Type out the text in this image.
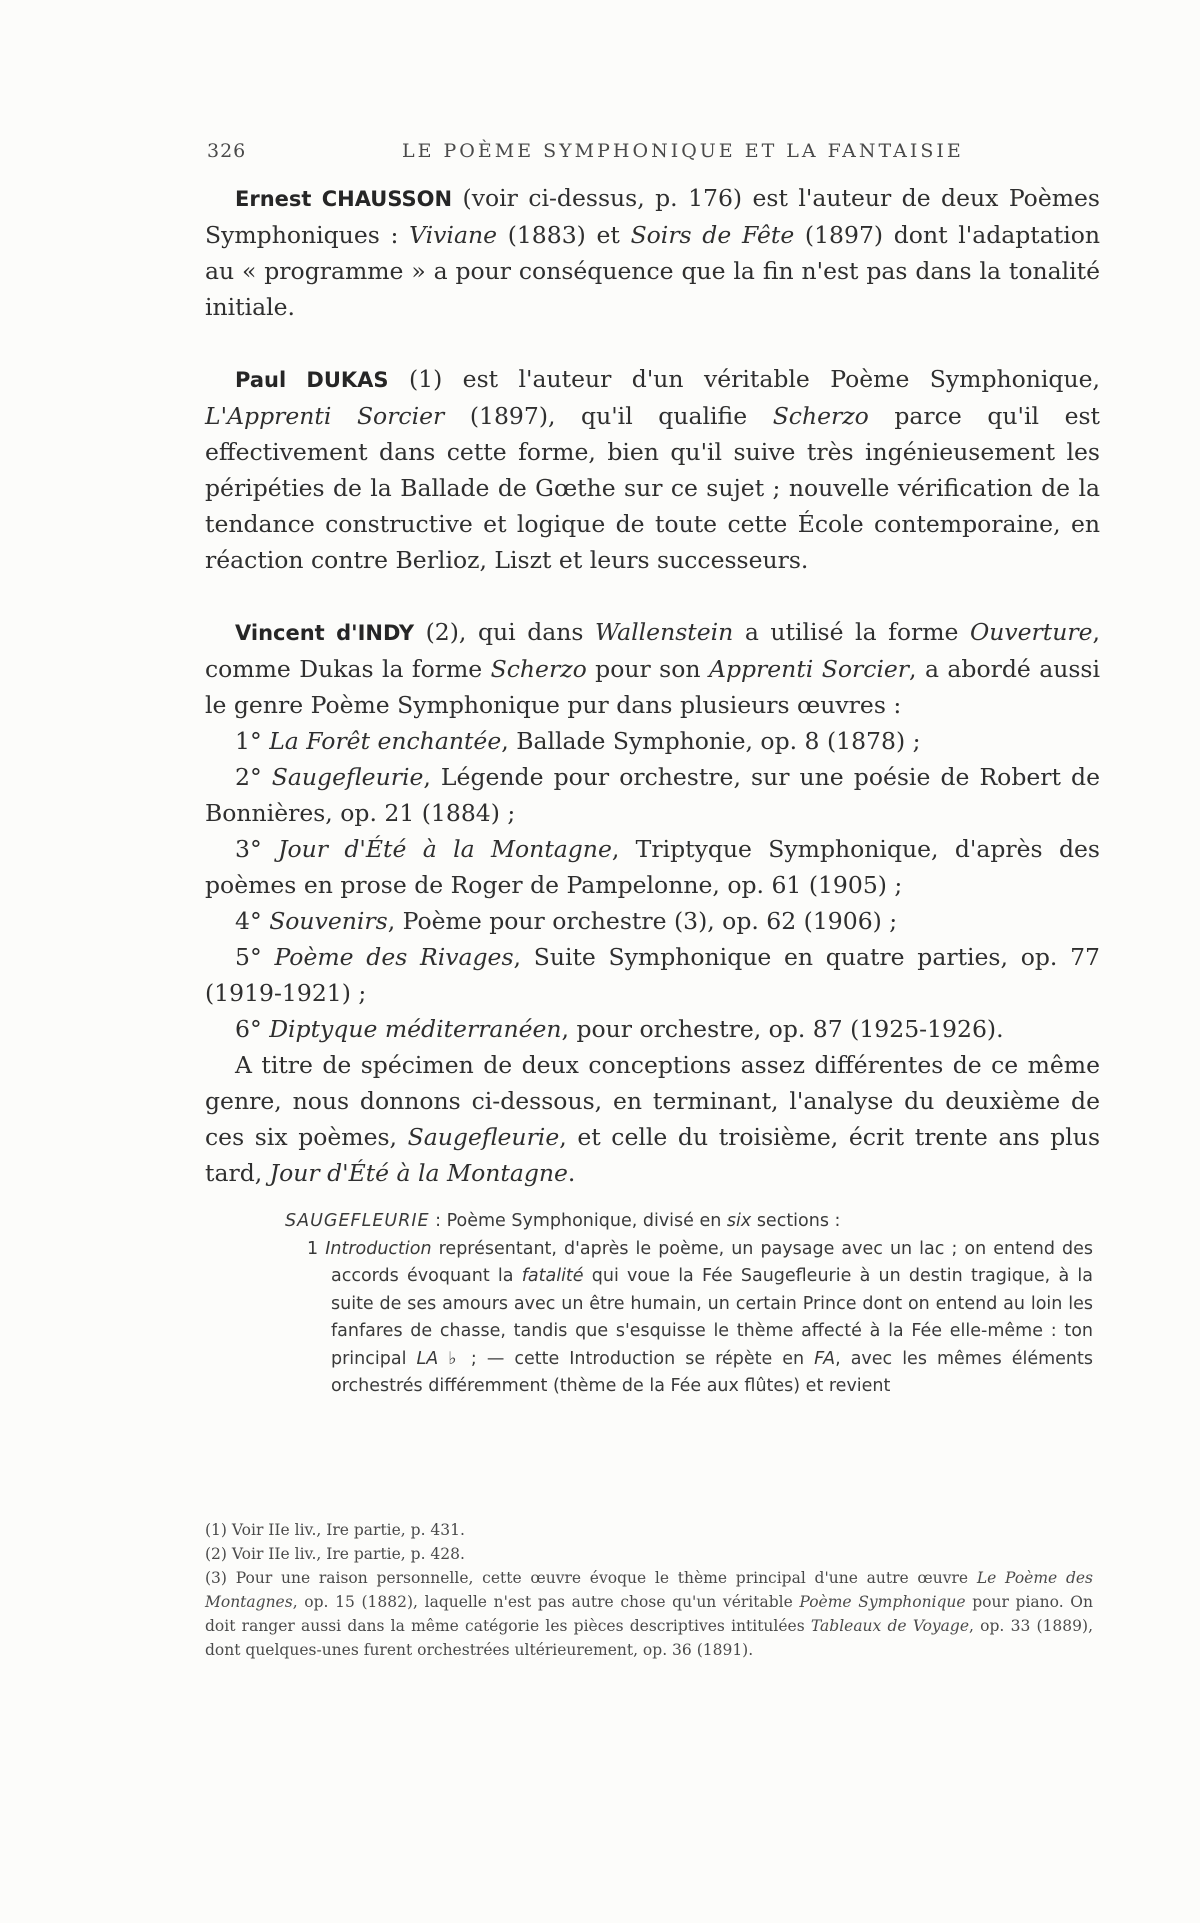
326	LE POÈME SYMPHONIQUE ET LA FANTAISIE

Ernest CHAUSSON (voir ci-dessus, p. 176) est l'auteur de deux Poèmes Symphoniques : Viviane (1883) et Soirs de Fête (1897) dont l'adaptation au « programme » a pour conséquence que la fin n'est pas dans la tonalité initiale.

Paul DUKAS (1) est l'auteur d'un véritable Poème Symphonique, L'Apprenti Sorcier (1897), qu'il qualifie Scherzo parce qu'il est effectivement dans cette forme, bien qu'il suive très ingénieusement les péripéties de la Ballade de Gœthe sur ce sujet ; nouvelle vérification de la tendance constructive et logique de toute cette École contemporaine, en réaction contre Berlioz, Liszt et leurs successeurs.

Vincent d'INDY (2), qui dans Wallenstein a utilisé la forme Ouverture, comme Dukas la forme Scherzo pour son Apprenti Sorcier, a abordé aussi le genre Poème Symphonique pur dans plusieurs œuvres :

1° La Forêt enchantée, Ballade Symphonie, op. 8 (1878) ;

2° Saugefleurie, Légende pour orchestre, sur une poésie de Robert de Bonnières, op. 21 (1884) ;

3° Jour d'Été à la Montagne, Triptyque Symphonique, d'après des poèmes en prose de Roger de Pampelonne, op. 61 (1905) ;

4° Souvenirs, Poème pour orchestre (3), op. 62 (1906) ;

5° Poème des Rivages, Suite Symphonique en quatre parties, op. 77 (1919-1921) ;

6° Diptyque méditerranéen, pour orchestre, op. 87 (1925-1926).

A titre de spécimen de deux conceptions assez différentes de ce même genre, nous donnons ci-dessous, en terminant, l'analyse du deuxième de ces six poèmes, Saugefleurie, et celle du troisième, écrit trente ans plus tard, Jour d'Été à la Montagne.

SAUGEFLEURIE : Poème Symphonique, divisé en six sections :

1 Introduction représentant, d'après le poème, un paysage avec un lac ; on entend des accords évoquant la fatalité qui voue la Fée Saugefleurie à un destin tragique, à la suite de ses amours avec un être humain, un certain Prince dont on entend au loin les fanfares de chasse, tandis que s'esquisse le thème affecté à la Fée elle-même : ton principal LA ♭ ; — cette Introduction se répète en FA, avec les mêmes éléments orchestrés différemment (thème de la Fée aux flûtes) et revient

(1) Voir IIe liv., Ire partie, p. 431.

(2) Voir IIe liv., Ire partie, p. 428.

(3) Pour une raison personnelle, cette œuvre évoque le thème principal d'une autre œuvre Le Poème des Montagnes, op. 15 (1882), laquelle n'est pas autre chose qu'un véritable Poème Symphonique pour piano. On doit ranger aussi dans la même catégorie les pièces descriptives intitulées Tableaux de Voyage, op. 33 (1889), dont quelques-unes furent orchestrées ultérieurement, op. 36 (1891).
